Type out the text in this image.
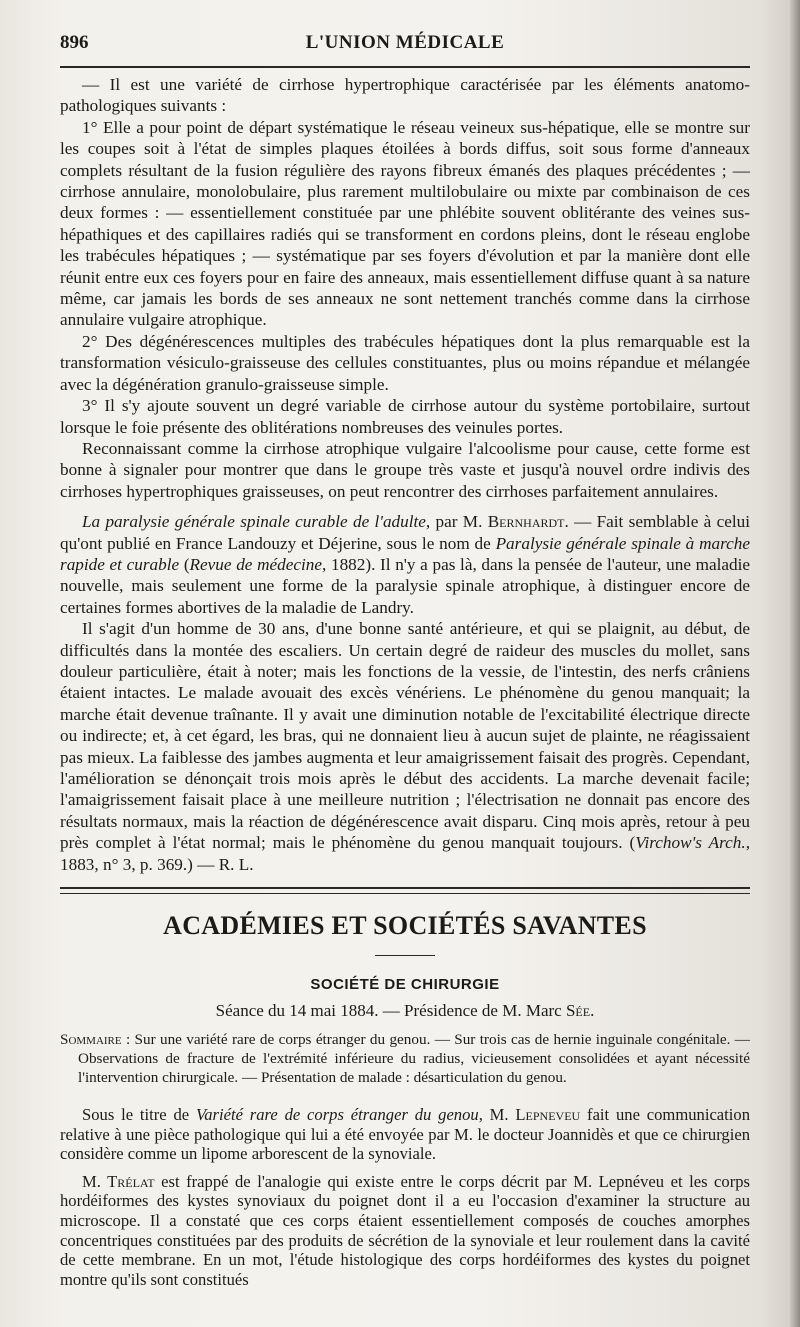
896	L'UNION MÉDICALE

— Il est une variété de cirrhose hypertrophique caractérisée par les éléments anatomo-pathologiques suivants :

1° Elle a pour point de départ systématique le réseau veineux sus-hépatique, elle se montre sur les coupes soit à l'état de simples plaques étoilées à bords diffus, soit sous forme d'anneaux complets résultant de la fusion régulière des rayons fibreux émanés des plaques précédentes ; — cirrhose annulaire, monolobulaire, plus rarement multilobulaire ou mixte par combinaison de ces deux formes : — essentiellement constituée par une phlébite souvent oblitérante des veines sus-hépathiques et des capillaires radiés qui se transforment en cordons pleins, dont le réseau englobe les trabécules hépatiques ; — systématique par ses foyers d'évolution et par la manière dont elle réunit entre eux ces foyers pour en faire des anneaux, mais essentiellement diffuse quant à sa nature même, car jamais les bords de ses anneaux ne sont nettement tranchés comme dans la cirrhose annulaire vulgaire atrophique.

2° Des dégénérescences multiples des trabécules hépatiques dont la plus remarquable est la transformation vésiculo-graisseuse des cellules constituantes, plus ou moins répandue et mélangée avec la dégénération granulo-graisseuse simple.

3° Il s'y ajoute souvent un degré variable de cirrhose autour du système portobilaire, surtout lorsque le foie présente des oblitérations nombreuses des veinules portes.

Reconnaissant comme la cirrhose atrophique vulgaire l'alcoolisme pour cause, cette forme est bonne à signaler pour montrer que dans le groupe très vaste et jusqu'à nouvel ordre indivis des cirrhoses hypertrophiques graisseuses, on peut rencontrer des cirrhoses parfaitement annulaires.

La paralysie générale spinale curable de l'adulte, par M. Bernhardt. — Fait semblable à celui qu'ont publié en France Landouzy et Déjerine, sous le nom de Paralysie générale spinale à marche rapide et curable (Revue de médecine, 1882). Il n'y a pas là, dans la pensée de l'auteur, une maladie nouvelle, mais seulement une forme de la paralysie spinale atrophique, à distinguer encore de certaines formes abortives de la maladie de Landry.

Il s'agit d'un homme de 30 ans, d'une bonne santé antérieure, et qui se plaignit, au début, de difficultés dans la montée des escaliers. Un certain degré de raideur des muscles du mollet, sans douleur particulière, était à noter; mais les fonctions de la vessie, de l'intestin, des nerfs crâniens étaient intactes. Le malade avouait des excès vénériens. Le phénomène du genou manquait; la marche était devenue traînante. Il y avait une diminution notable de l'excitabilité électrique directe ou indirecte; et, à cet égard, les bras, qui ne donnaient lieu à aucun sujet de plainte, ne réagissaient pas mieux. La faiblesse des jambes augmenta et leur amaigrissement faisait des progrès. Cependant, l'amélioration se dénonçait trois mois après le début des accidents. La marche devenait facile; l'amaigrissement faisait place à une meilleure nutrition ; l'électrisation ne donnait pas encore des résultats normaux, mais la réaction de dégénérescence avait disparu. Cinq mois après, retour à peu près complet à l'état normal; mais le phénomène du genou manquait toujours. (Virchow's Arch., 1883, n° 3, p. 369.) — R. L.

ACADÉMIES ET SOCIÉTÉS SAVANTES
SOCIÉTÉ DE CHIRURGIE
Séance du 14 mai 1884. — Présidence de M. Marc Sée.
Sommaire : Sur une variété rare de corps étranger du genou. — Sur trois cas de hernie inguinale congénitale. — Observations de fracture de l'extrémité inférieure du radius, vicieusement consolidées et ayant nécessité l'intervention chirurgicale. — Présentation de malade : désarticulation du genou.

Sous le titre de Variété rare de corps étranger du genou, M. Lepneveu fait une communication relative à une pièce pathologique qui lui a été envoyée par M. le docteur Joannidès et que ce chirurgien considère comme un lipome arborescent de la synoviale.

M. Trélat est frappé de l'analogie qui existe entre le corps décrit par M. Lepnéveu et les corps hordéiformes des kystes synoviaux du poignet dont il a eu l'occasion d'examiner la structure au microscope. Il a constaté que ces corps étaient essentiellement composés de couches amorphes concentriques constituées par des produits de sécrétion de la synoviale et leur roulement dans la cavité de cette membrane. En un mot, l'étude histologique des corps hordéiformes des kystes du poignet montre qu'ils sont constitués
